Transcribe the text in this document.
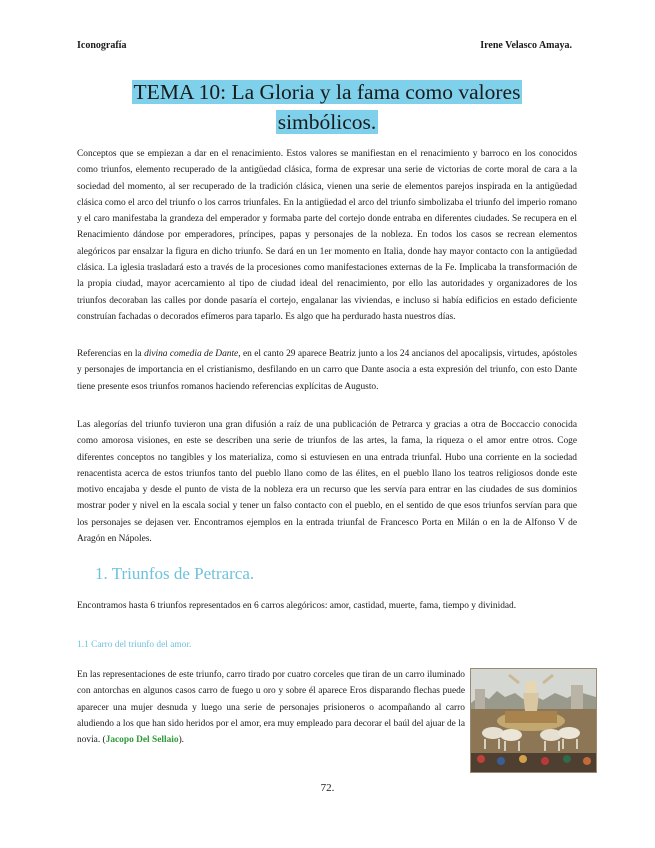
Iconografía	Irene Velasco Amaya.
TEMA 10: La Gloria y la fama como valores
simbólicos.

Conceptos que se empiezan a dar en el renacimiento. Estos valores se manifiestan en el renacimiento y barroco en los conocidos como triunfos, elemento recuperado de la antigüedad clásica, forma de expresar una serie de victorias de corte moral de cara a la sociedad del momento, al ser recuperado de la tradición clásica, vienen una serie de elementos parejos inspirada en la antigüedad clásica como el arco del triunfo o los carros triunfales. En la antigüedad el arco del triunfo simbolizaba el triunfo del imperio romano y el caro manifestaba la grandeza del emperador y formaba parte del cortejo donde entraba en diferentes ciudades. Se recupera en el Renacimiento dándose por emperadores, príncipes, papas y personajes de la nobleza. En todos los casos se recrean elementos alegóricos par ensalzar la figura en dicho triunfo. Se dará en un 1er momento en Italia, donde hay mayor contacto con la antigüedad clásica. La iglesia trasladará esto a través de la procesiones como manifestaciones externas de la Fe. Implicaba la transformación de la propia ciudad, mayor acercamiento al tipo de ciudad ideal del renacimiento, por ello las autoridades y organizadores de los triunfos decoraban las calles por donde pasaría el cortejo, engalanar las viviendas, e incluso si había edificios en estado deficiente construían fachadas o decorados efímeros para taparlo. Es algo que ha perdurado hasta nuestros días.

Referencias en la divina comedia de Dante, en el canto 29 aparece Beatriz junto a los 24 ancianos del apocalipsis, virtudes, apóstoles y personajes de importancia en el cristianismo, desfilando en un carro que Dante asocia a esta expresión del triunfo, con esto Dante tiene presente esos triunfos romanos haciendo referencias explícitas de Augusto.

Las alegorías del triunfo tuvieron una gran difusión a raíz de una publicación de Petrarca y gracias a otra de Boccaccio conocida como amorosa visiones, en este se describen una serie de triunfos de las artes, la fama, la riqueza o el amor entre otros. Coge diferentes conceptos no tangibles y los materializa, como si estuviesen en una entrada triunfal. Hubo una corriente en la sociedad renacentista acerca de estos triunfos tanto del pueblo llano como de las élites, en el pueblo llano los teatros religiosos donde este motivo encajaba y desde el punto de vista de la nobleza era un recurso que les servía para entrar en las ciudades de sus dominios mostrar poder y nivel en la escala social y tener un falso contacto con el pueblo, en el sentido de que esos triunfos servían para que los personajes se dejasen ver. Encontramos ejemplos en la entrada triunfal de Francesco Porta en Milán o en la de Alfonso V de Aragón en Nápoles.

1. Triunfos de Petrarca.

Encontramos hasta 6 triunfos representados en 6 carros alegóricos: amor, castidad, muerte, fama, tiempo y divinidad.

1.1 Carro del triunfo del amor.

En las representaciones de este triunfo, carro tirado por cuatro corceles que tiran de un carro iluminado con antorchas en algunos casos carro de fuego u oro y sobre él aparece Eros disparando flechas puede aparecer una mujer desnuda y luego una serie de personajes prisioneros o acompañando al carro aludiendo a los que han sido heridos por el amor, era muy empleado para decorar el baúl del ajuar de la novia. (Jacopo Del Sellaio).

72.
